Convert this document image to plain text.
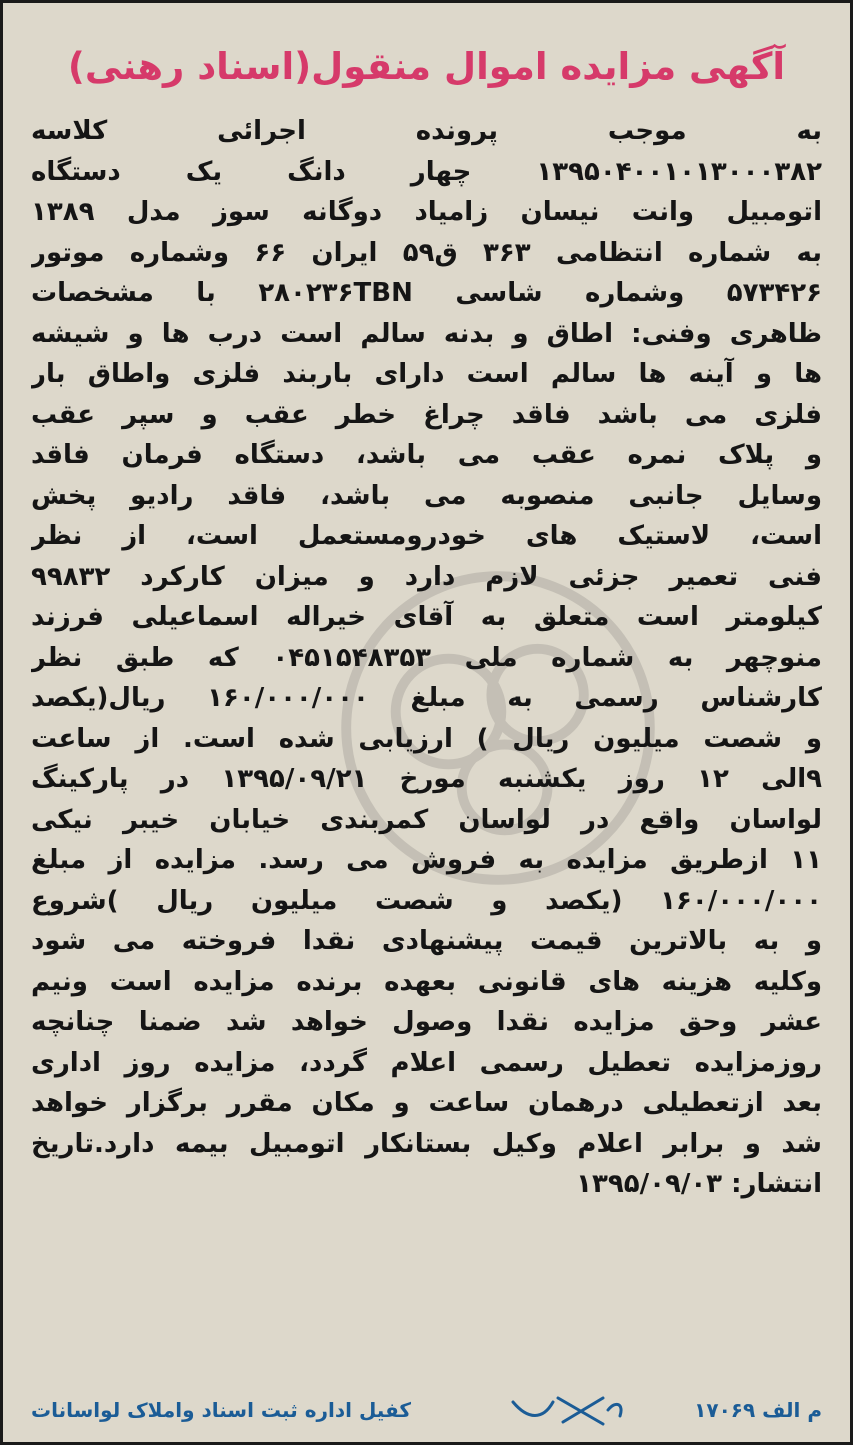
آگهی مزایده اموال منقول(اسناد رهنی)
به موجب پرونده اجرائی کلاسه
۱۳۹۵۰۴۰۰۱۰۱۳۰۰۰۳۸۲ چهار دانگ یک دستگاه
اتومبیل وانت نیسان زامیاد دوگانه سوز مدل ۱۳۸۹
به شماره انتظامی ۳۶۳ ق۵۹ ایران ۶۶ وشماره موتور
۵۷۳۴۲۶ وشماره شاسی ۲۸۰۲۳۶TBN با مشخصات
ظاهری وفنی: اطاق و بدنه سالم است درب ها و شیشه
ها و آینه ها سالم است دارای باربند فلزی واطاق بار
فلزی می باشد فاقد چراغ خطر عقب و سپر عقب
و پلاک نمره عقب می باشد، دستگاه فرمان فاقد
وسایل جانبی منصوبه می باشد، فاقد رادیو پخش
است، لاستیک های خودرومستعمل است، از نظر
فنی تعمیر جزئی لازم دارد و میزان کارکرد ۹۹۸۳۲
کیلومتر است متعلق به آقای خیراله اسماعیلی فرزند
منوچهر به شماره ملی ۰۴۵۱۵۴۸۳۵۳ که طبق نظر
کارشناس رسمی به مبلغ ۱۶۰/۰۰۰/۰۰۰ ریال(یکصد
و شصت میلیون ریال ) ارزیابی شده است. از ساعت
۹الی ۱۲ روز یکشنبه مورخ ۱۳۹۵/۰۹/۲۱ در پارکینگ
لواسان واقع در لواسان کمربندی خیابان خیبر نیکی
۱۱ ازطریق مزایده به فروش می رسد. مزایده از مبلغ
۱۶۰/۰۰۰/۰۰۰ (یکصد و شصت میلیون ریال )شروع
و به بالاترین قیمت پیشنهادی نقدا فروخته می شود
وکلیه هزینه های قانونی بعهده برنده مزایده است ونیم
عشر وحق مزایده نقدا وصول خواهد شد ضمنا چنانچه
روزمزایده تعطیل رسمی اعلام گردد، مزایده روز اداری
بعد ازتعطیلی درهمان ساعت و مکان مقرر برگزار خواهد
شد و برابر اعلام وکیل بستانکار اتومبیل بیمه دارد.تاریخ
انتشار: ۱۳۹۵/۰۹/۰۳
م الف ۱۷۰۶۹
کفیل اداره ثبت اسناد واملاک لواسانات
